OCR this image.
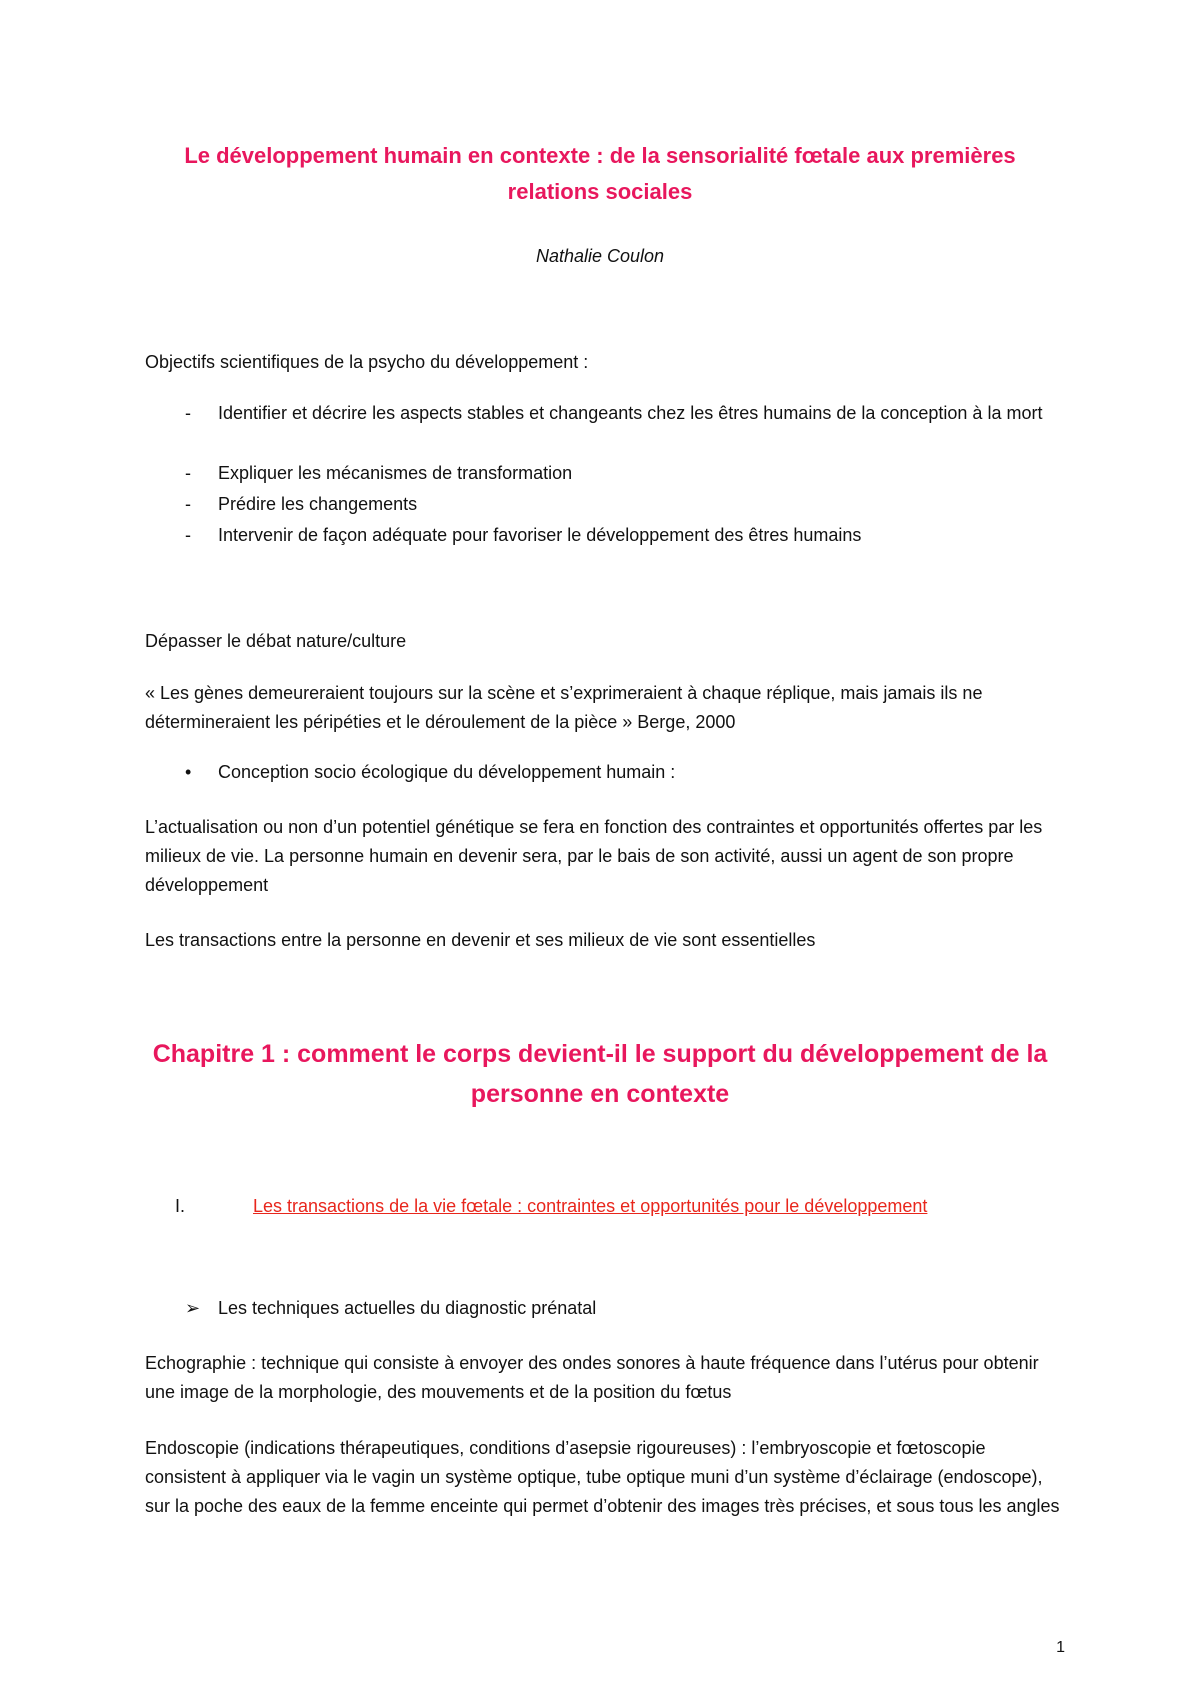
Le développement humain en contexte : de la sensorialité fœtale aux premières relations sociales
Nathalie Coulon
Objectifs scientifiques de la psycho du développement :
- Identifier et décrire les aspects stables et changeants chez les êtres humains de la conception à la mort
- Expliquer les mécanismes de transformation
- Prédire les changements
- Intervenir de façon adéquate pour favoriser le développement des êtres humains
Dépasser le débat nature/culture
« Les gènes demeureraient toujours sur la scène et s’exprimeraient à chaque réplique, mais jamais ils ne détermineraient les péripéties et le déroulement de la pièce » Berge, 2000
• Conception socio écologique du développement humain :
L’actualisation ou non d’un potentiel génétique se fera en fonction des contraintes et opportunités offertes par les milieux de vie. La personne humain en devenir sera, par le bais de son activité, aussi un agent de son propre développement
Les transactions entre la personne en devenir et ses milieux de vie sont essentielles
Chapitre 1 : comment le corps devient-il le support du développement de la personne en contexte
I.	Les transactions de la vie fœtale : contraintes et opportunités pour le développement
➢ Les techniques actuelles du diagnostic prénatal
Echographie : technique qui consiste à envoyer des ondes sonores à haute fréquence dans l’utérus pour obtenir une image de la morphologie, des mouvements et de la position du fœtus
Endoscopie (indications thérapeutiques, conditions d’asepsie rigoureuses) : l’embryoscopie et fœtoscopie consistent à appliquer via le vagin un système optique, tube optique muni d’un système d’éclairage (endoscope), sur la poche des eaux de la femme enceinte qui permet d’obtenir des images très précises, et sous tous les angles
1
